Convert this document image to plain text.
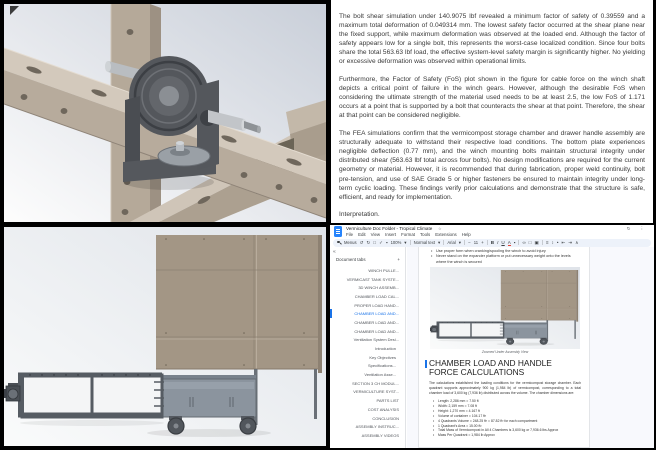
The bolt shear simulation under 140.9075 lbf revealed a minimum factor of safety of 0.39559 and a maximum total deformation of 0.049314 mm. The lowest safety factor occurred at the shear plane near the fixed support, while maximum deformation was observed at the loaded end. Although the factor of safety appears low for a single bolt, this represents the worst-case localized condition. Since four bolts share the total 563.63 lbf load, the effective system-level safety margin is significantly higher. No yielding or excessive deformation was observed within operational limits.

Furthermore, the Factor of Safety (FoS) plot shown in the figure for cable force on the winch shaft depicts a critical point of failure in the winch gears. However, although the desirable FoS when considering the ultimate strength of the material used needs to be at least 2.5, the low FoS of 1.171 occurs at a point that is supported by a bolt that counteracts the shear at that point. Therefore, the shear at that point can be considered negligible.

The FEA simulations confirm that the vermicompost storage chamber and drawer handle assembly are structurally adequate to withstand their respective load conditions. The bottom plate experiences negligible deflection (0.77 mm), and the winch mounting bolts maintain structural integrity under distributed shear (563.63 lbf total across four bolts). No design modifications are required for the current geometry or material. However, it is recommended that during fabrication, proper weld continuity, bolt pre-tension, and use of SAE Grade 5 or higher fasteners be ensured to maintain integrity under long-term cyclic loading. These findings verify prior calculations and demonstrate that the structure is safe, efficient, and ready for implementation.

Interpretation.

Vermiculture Doc Folder - Tropical Climate ☆	↻ ⋮
File Edit View Insert Format Tools Extensions Help
Menus ↺ ↻ □ ✓ ▪ 100% ▾ Normal text ▾ Arial ▾ − 11 + B I U A ▪ ∞ □ ▣ ≡ ↕ • ⇤ ⇥ ∧
«
Document tabs	+
WINCH PULLE...
VERMICAST TANK SYSTE...
3D WINCH ASSEMB...
CHAMBER LOAD CAL...
PROPER LOAD HAND...
CHAMBER LOAD AND...
CHAMBER LOAD AND...
CHAMBER LOAD AND...
Ventilation System Desi...
Introduction
Key Objectives
Specifications...
Ventilation Asse...
SECTION 3 CH MODUL...
VERMICULTURE SYST...
PARTS LIST
COST ANALYSIS
CONCLUSION
ASSEMBLY INSTRUC...
ASSEMBLY VIDEOS
• Use proper form when cranking/spooling the winch to avoid injury
• Never stand on the expander platform or put unnecessary weight onto the levels where the winch is secured
Zoomed Under Assembly View
CHAMBER LOAD AND HANDLE FORCE CALCULATIONS
The calculations established the loading conditions for the vermicompost storage chamber. Each quadrant supports approximately 900 kg (1,984 lb) of vermicompost, corresponding to a total chamber load of 3,600 kg (7,936 lb) distributed across the volume. The chamber dimensions are:
• Length: 2,286 mm = 7.50 ft
• Width: 2,159 mm = 7.08 ft
• Height: 1,270 mm = 4.167 ft
• Volume of container = 104.17 ft³
• 4 Quadrants Volume = 248.25 ft³ = 87.82 ft³ for each compartment
• 1 Quadrant's Area = 15.00 ft²
• Total Mass of Vermicompost in All 4 Chambers is 3,600 kg or 7,936.6 lbs Approx
• Mass Per Quadrant = 1,984 lb Approx
